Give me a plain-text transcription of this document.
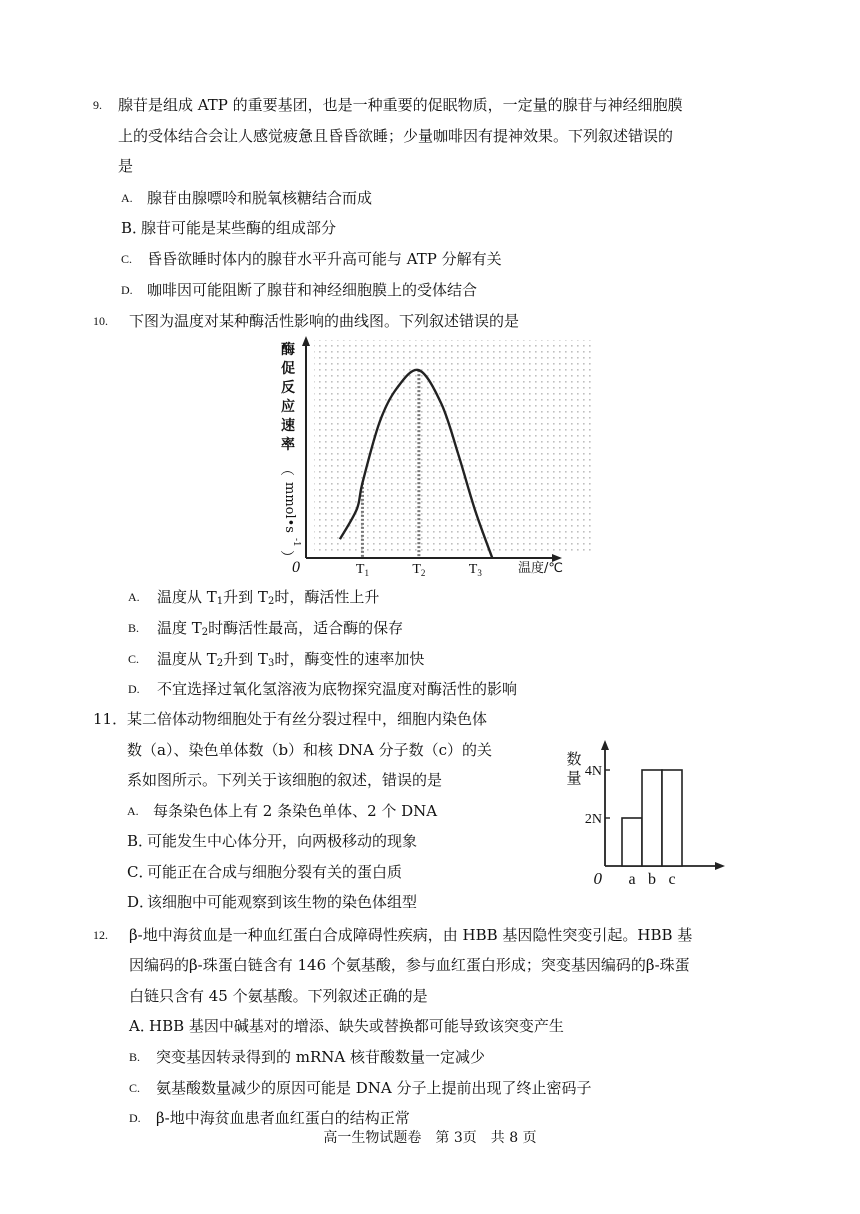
9. 腺苷是组成 ATP 的重要基团，也是一种重要的促眠物质，一定量的腺苷与神经细胞膜
上的受体结合会让人感觉疲惫且昏昏欲睡；少量咖啡因有提神效果。下列叙述错误的
是
A. 腺苷由腺嘌呤和脱氧核糖结合而成
B．
腺苷可能是某些酶的组成部分
C. 昏昏欲睡时体内的腺苷水平升高可能与 ATP 分解有关
D. 咖啡因可能阻断了腺苷和神经细胞膜上的受体结合
10. 下图为温度对某种酶活性影响的曲线图。下列叙述错误的是
酶
促
反
应
速
率
（
mmol•s
-1
）
0	$T_1$	$T_2$	$T_3$	温度/℃
A. 温度从 $T_1$升到 $T_2$时，酶活性上升
B. 温度 $T_2$时酶活性最高，适合酶的保存
C. 温度从 $T_2$升到 $T_3$时，酶变性的速率加快
D. 不宜选择过氧化氢溶液为底物探究温度对酶活性的影响
11． 某二倍体动物细胞处于有丝分裂过程中，细胞内染色体
数（a）、染色单体数（b）和核 DNA 分子数（c）的关
系如图所示。下列关于该细胞的叙述，错误的是
A. 每条染色体上有 2 条染色单体、2 个 DNA
B．
可能发生中心体分开，向两极移动的现象
C．
可能正在合成与细胞分裂有关的蛋白质
D．
该细胞中可能观察到该生物的染色体组型
数
量
2N
4N
a b c
0
12. β-地中海贫血是一种血红蛋白合成障碍性疾病，由 HBB 基因隐性突变引起。HBB 基
因编码的β-珠蛋白链含有 146 个氨基酸，参与血红蛋白形成；突变基因编码的β-珠蛋
白链只含有 45 个氨基酸。下列叙述正确的是
A．
HBB 基因中碱基对的增添、缺失或替换都可能导致该突变产生
B. 突变基因转录得到的 mRNA 核苷酸数量一定减少
C. 氨基酸数量减少的原因可能是 DNA 分子上提前出现了终止密码子
D. β-地中海贫血患者血红蛋白的结构正常
高一生物试题卷　第 3页　共 8 页
